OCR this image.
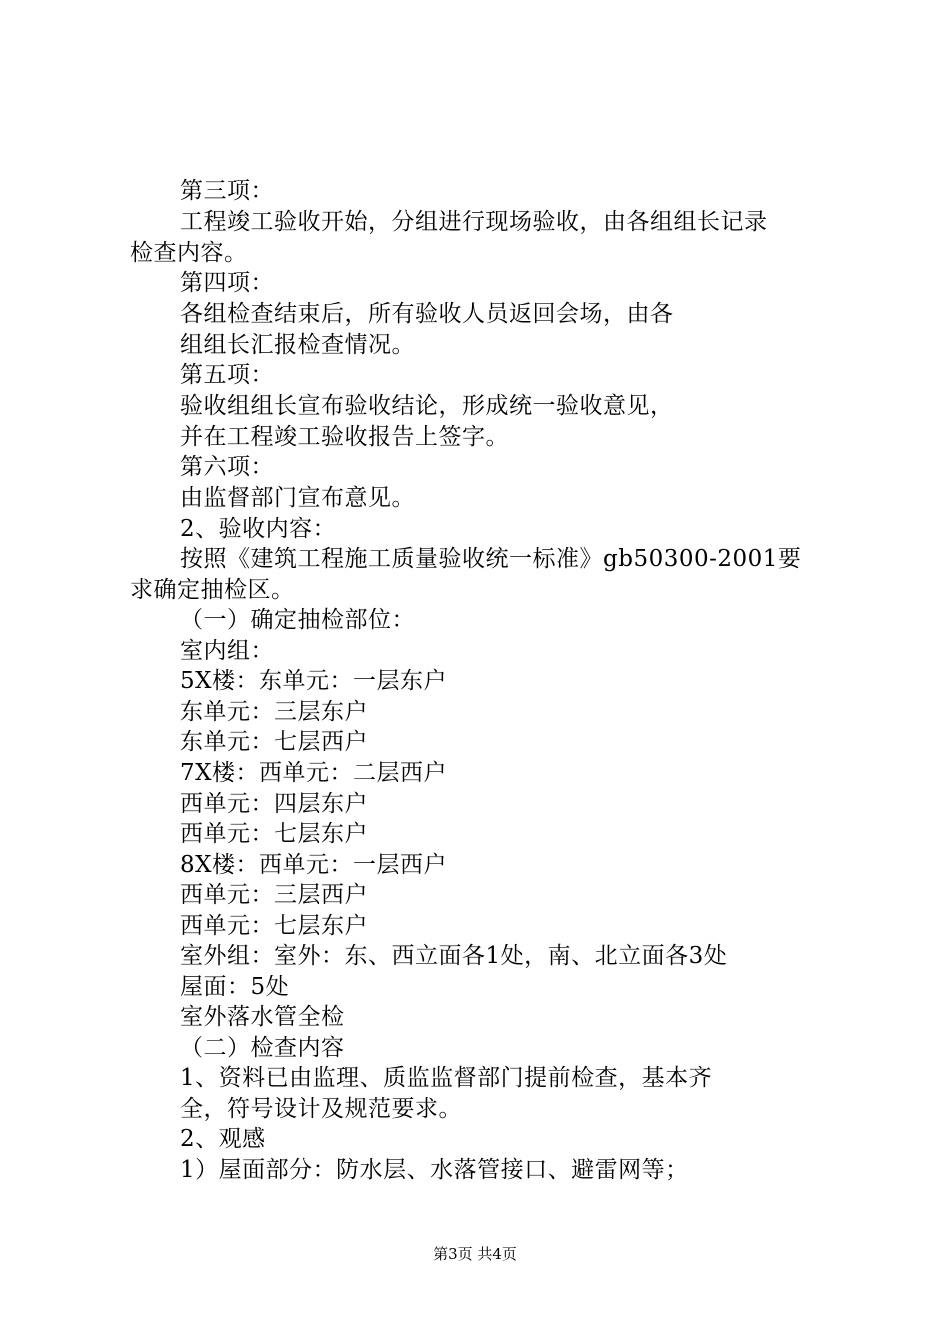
第三项：
工程竣工验收开始，分组进行现场验收，由各组组长记录
检查内容。
第四项：
各组检查结束后，所有验收人员返回会场，由各
组组长汇报检查情况。
第五项：
验收组组长宣布验收结论，形成统一验收意见，
并在工程竣工验收报告上签字。
第六项：
由监督部门宣布意见。
2、验收内容：
按照《建筑工程施工质量验收统一标准》gb50300-2001要
求确定抽检区。
（一）确定抽检部位：
室内组：
5X楼：东单元：一层东户
东单元：三层东户
东单元：七层西户
7X楼：西单元：二层西户
西单元：四层东户
西单元：七层东户
8X楼：西单元：一层西户
西单元：三层西户
西单元：七层东户
室外组：室外：东、西立面各1处，南、北立面各3处
屋面：5处
室外落水管全检
（二）检查内容
1、资料已由监理、质监监督部门提前检查，基本齐
全，符号设计及规范要求。
2、观感
1）屋面部分：防水层、水落管接口、避雷网等；
第3页 共4页
